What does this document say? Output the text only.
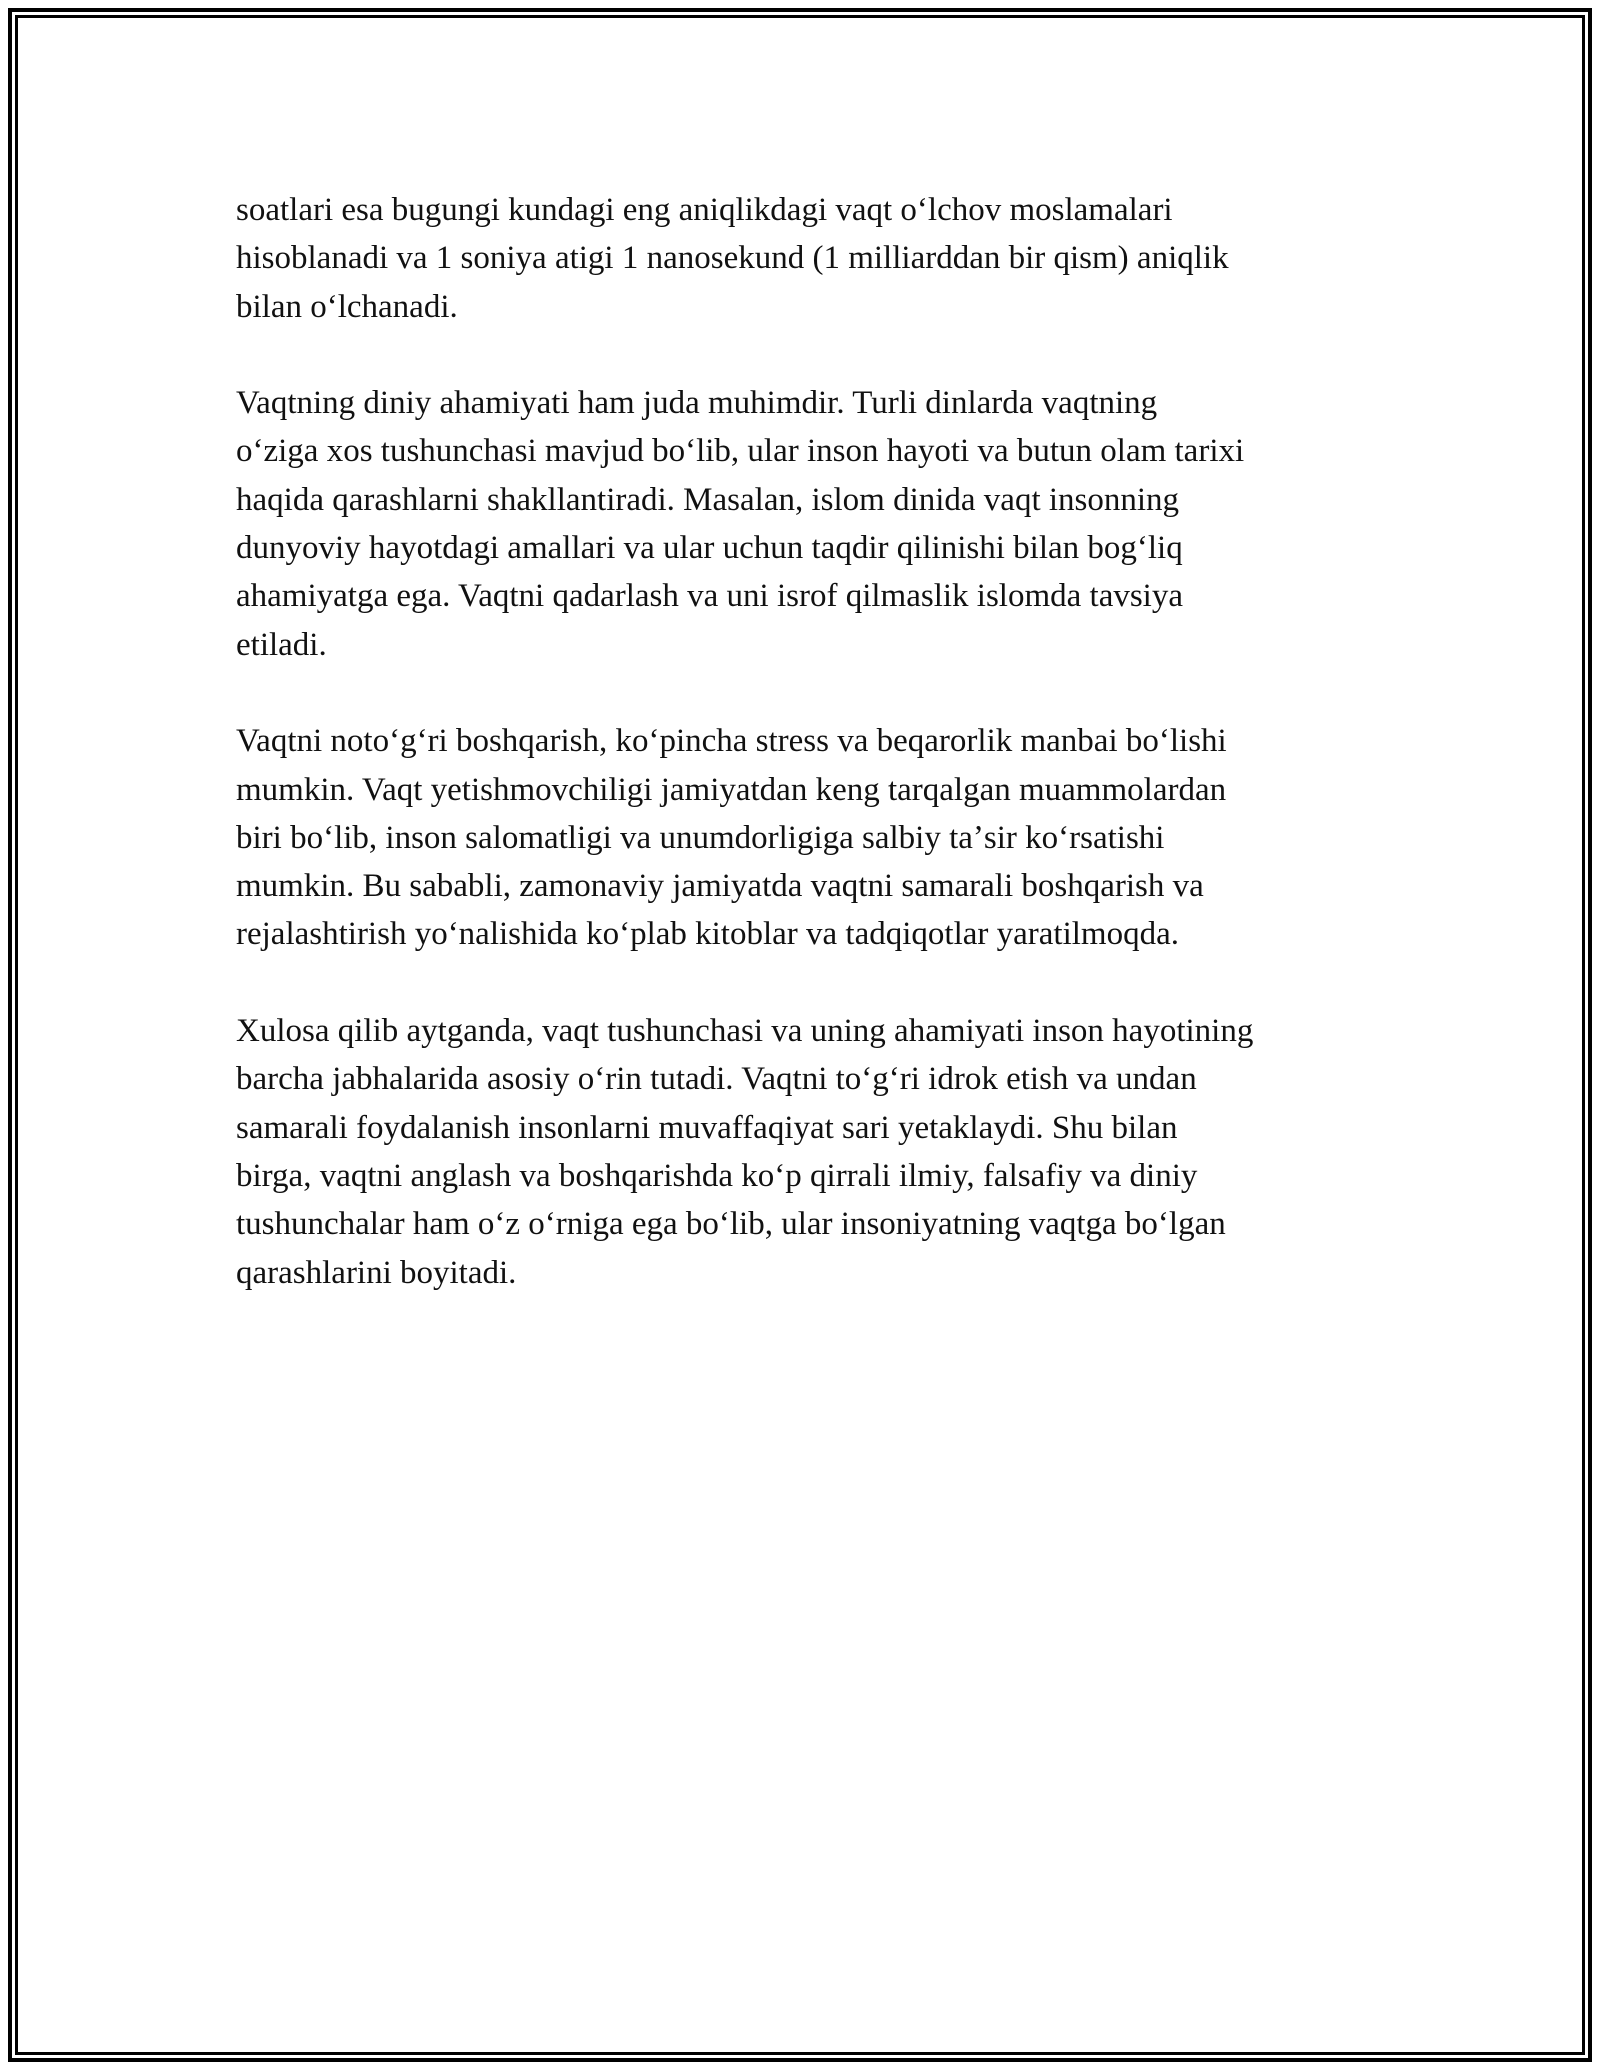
soatlari esa bugungi kundagi eng aniqlikdagi vaqt oʻlchov moslamalari
hisoblanadi va 1 soniya atigi 1 nanosekund (1 milliarddan bir qism) aniqlik
bilan oʻlchanadi.

Vaqtning diniy ahamiyati ham juda muhimdir. Turli dinlarda vaqtning
oʻziga xos tushunchasi mavjud boʻlib, ular inson hayoti va butun olam tarixi
haqida qarashlarni shakllantiradi. Masalan, islom dinida vaqt insonning
dunyoviy hayotdagi amallari va ular uchun taqdir qilinishi bilan bogʻliq
ahamiyatga ega. Vaqtni qadarlash va uni isrof qilmaslik islomda tavsiya
etiladi.

Vaqtni notoʻgʻri boshqarish, koʻpincha stress va beqarorlik manbai boʻlishi
mumkin. Vaqt yetishmovchiligi jamiyatdan keng tarqalgan muammolardan
biri boʻlib, inson salomatligi va unumdorligiga salbiy taʼsir koʻrsatishi
mumkin. Bu sababli, zamonaviy jamiyatda vaqtni samarali boshqarish va
rejalashtirish yoʻnalishida koʻplab kitoblar va tadqiqotlar yaratilmoqda.

Xulosa qilib aytganda, vaqt tushunchasi va uning ahamiyati inson hayotining
barcha jabhalarida asosiy oʻrin tutadi. Vaqtni toʻgʻri idrok etish va undan
samarali foydalanish insonlarni muvaffaqiyat sari yetaklaydi. Shu bilan
birga, vaqtni anglash va boshqarishda koʻp qirrali ilmiy, falsafiy va diniy
tushunchalar ham oʻz oʻrniga ega boʻlib, ular insoniyatning vaqtga boʻlgan
qarashlarini boyitadi.
